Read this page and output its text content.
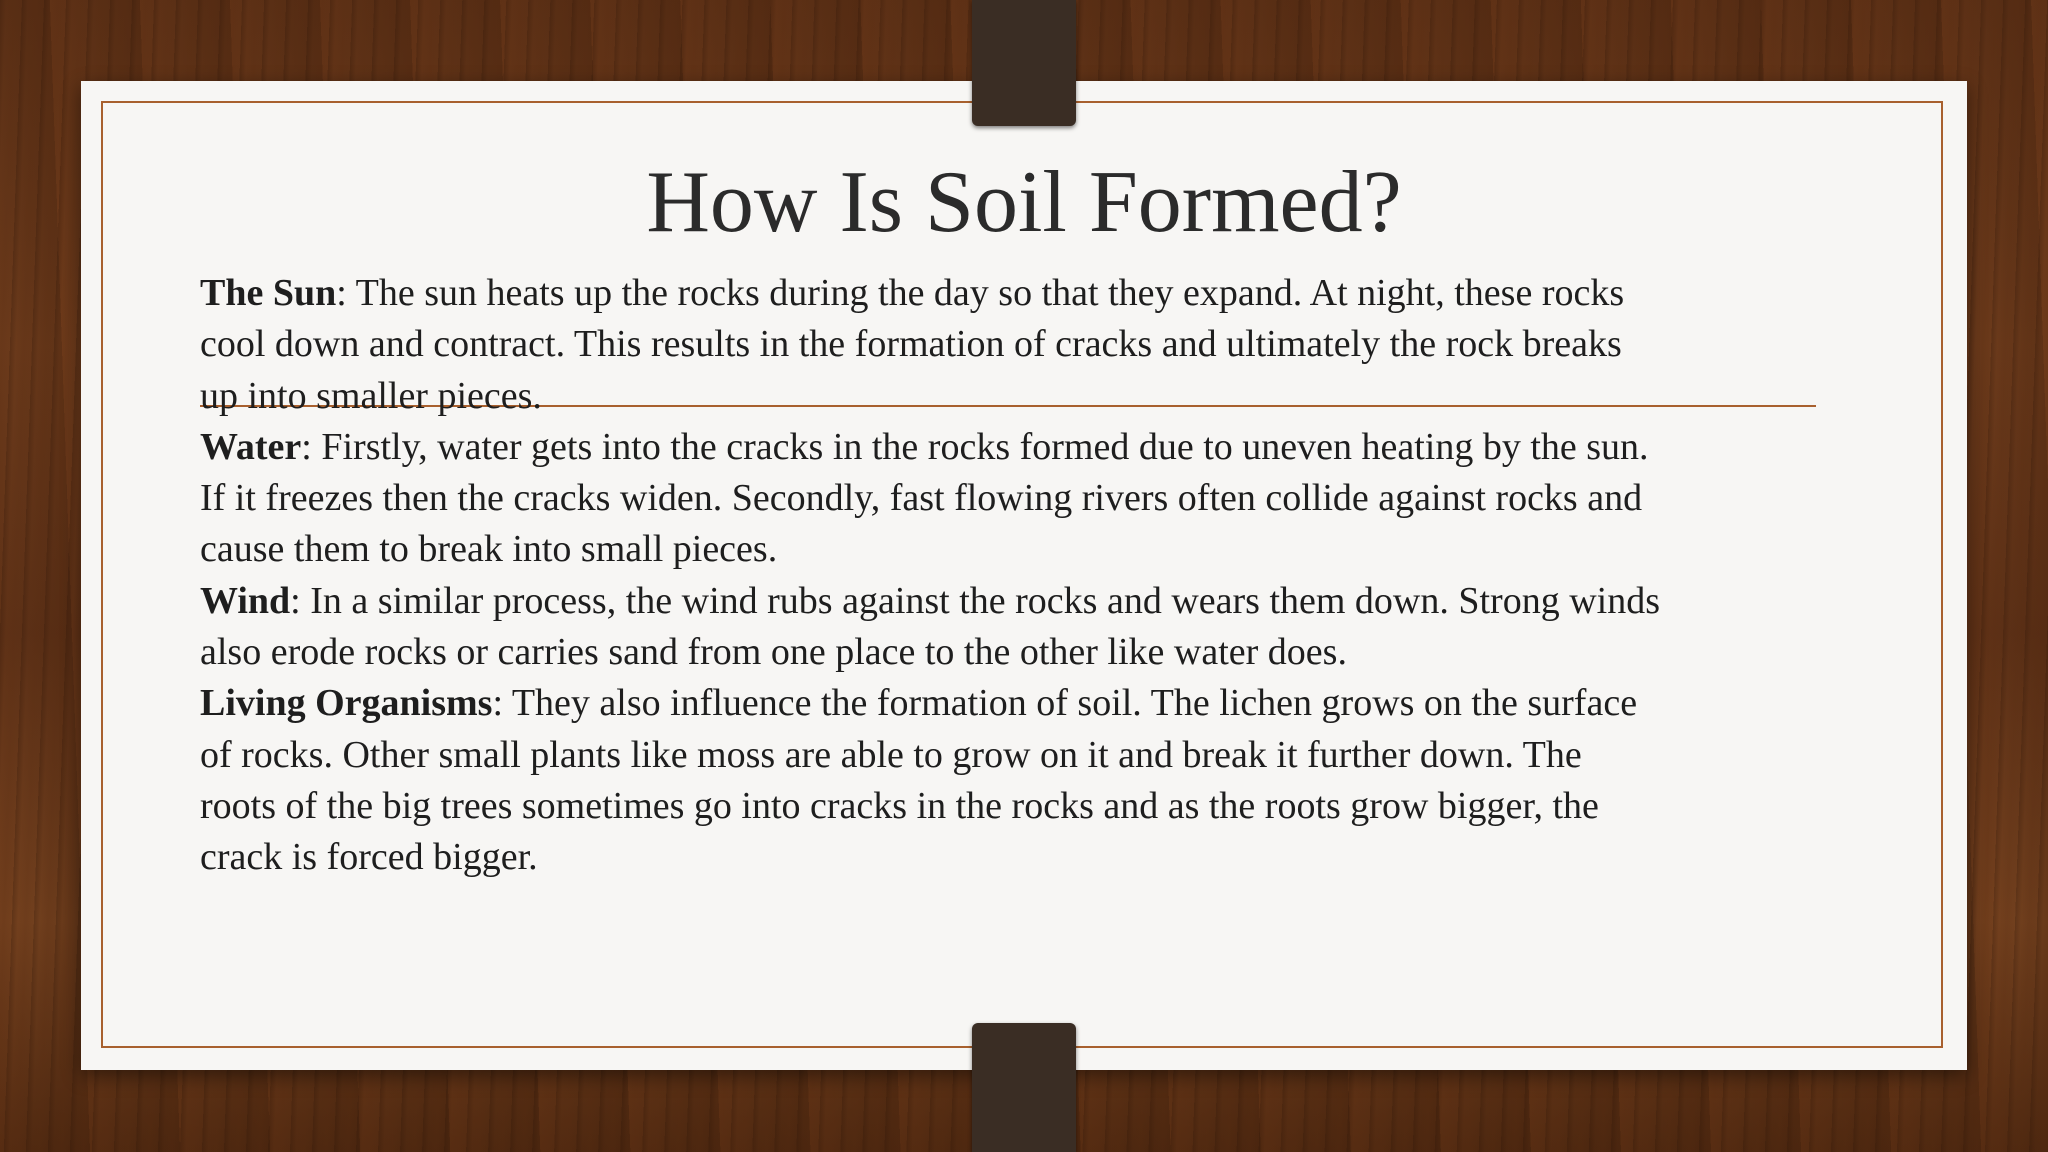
How Is Soil Formed?

The Sun: The sun heats up the rocks during the day so that they expand. At night, these rocks cool down and contract. This results in the formation of cracks and ultimately the rock breaks up into smaller pieces.

Water: Firstly, water gets into the cracks in the rocks formed due to uneven heating by the sun. If it freezes then the cracks widen. Secondly, fast flowing rivers often collide against rocks and cause them to break into small pieces.

Wind: In a similar process, the wind rubs against the rocks and wears them down. Strong winds also erode rocks or carries sand from one place to the other like water does.

Living Organisms: They also influence the formation of soil. The lichen grows on the surface of rocks. Other small plants like moss are able to grow on it and break it further down. The roots of the big trees sometimes go into cracks in the rocks and as the roots grow bigger, the crack is forced bigger.
